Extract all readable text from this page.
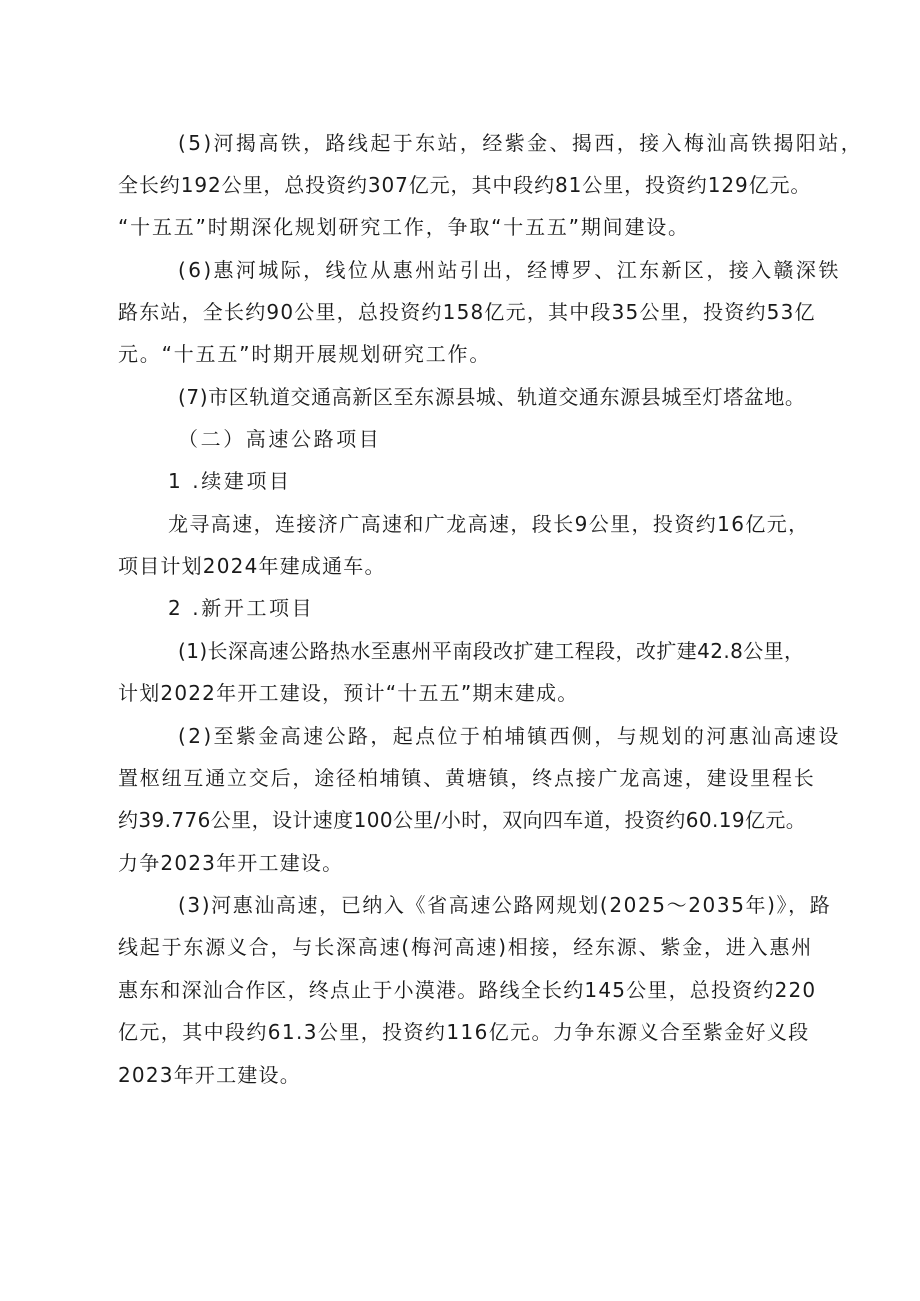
(5)河揭高铁，路线起于东站，经紫金、揭西，接入梅汕高铁揭阳站，
全长约192公里，总投资约307亿元，其中段约81公里，投资约129亿元。
“十五五”时期深化规划研究工作，争取“十五五”期间建设。
(6)惠河城际，线位从惠州站引出，经博罗、江东新区，接入赣深铁
路东站，全长约90公里，总投资约158亿元，其中段35公里，投资约53亿
元。“十五五”时期开展规划研究工作。
(7)市区轨道交通高新区至东源县城、轨道交通东源县城至灯塔盆地。
（二）高速公路项目
1 .续建项目
龙寻高速，连接济广高速和广龙高速，段长9公里，投资约16亿元，
项目计划2024年建成通车。
2 .新开工项目
(1)长深高速公路热水至惠州平南段改扩建工程段，改扩建42.8公里，
计划2022年开工建设，预计“十五五”期末建成。
(2)至紫金高速公路，起点位于柏埔镇西侧，与规划的河惠汕高速设
置枢纽互通立交后，途径柏埔镇、黄塘镇，终点接广龙高速，建设里程长
约39.776公里，设计速度100公里/小时，双向四车道，投资约60.19亿元。
力争2023年开工建设。
(3)河惠汕高速，已纳入《省高速公路网规划(2025〜2035年)》，路
线起于东源义合，与长深高速(梅河高速)相接，经东源、紫金，进入惠州
惠东和深汕合作区，终点止于小漠港。路线全长约145公里，总投资约220
亿元，其中段约61.3公里，投资约116亿元。力争东源义合至紫金好义段
2023年开工建设。
